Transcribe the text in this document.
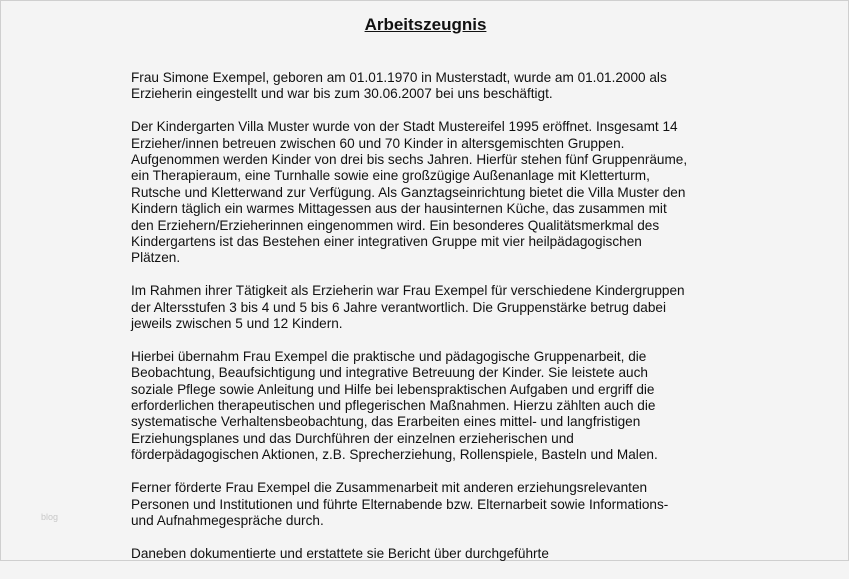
Arbeitszeugnis
Frau Simone Exempel, geboren am 01.01.1970 in Musterstadt, wurde am 01.01.2000 als
Erzieherin eingestellt und war bis zum 30.06.2007 bei uns beschäftigt.
Der Kindergarten Villa Muster wurde von der Stadt Mustereifel 1995 eröffnet. Insgesamt 14
Erzieher/innen betreuen zwischen 60 und 70 Kinder in altersgemischten Gruppen.
Aufgenommen werden Kinder von drei bis sechs Jahren. Hierfür stehen fünf Gruppenräume,
ein Therapieraum, eine Turnhalle sowie eine großzügige Außenanlage mit Kletterturm,
Rutsche und Kletterwand zur Verfügung. Als Ganztagseinrichtung bietet die Villa Muster den
Kindern täglich ein warmes Mittagessen aus der hausinternen Küche, das zusammen mit
den Erziehern/Erzieherinnen eingenommen wird. Ein besonderes Qualitätsmerkmal des
Kindergartens ist das Bestehen einer integrativen Gruppe mit vier heilpädagogischen
Plätzen.
Im Rahmen ihrer Tätigkeit als Erzieherin war Frau Exempel für verschiedene Kindergruppen
der Altersstufen 3 bis 4 und 5 bis 6 Jahre verantwortlich. Die Gruppenstärke betrug dabei
jeweils zwischen 5 und 12 Kindern.
Hierbei übernahm Frau Exempel die praktische und pädagogische Gruppenarbeit, die
Beobachtung, Beaufsichtigung und integrative Betreuung der Kinder. Sie leistete auch
soziale Pflege sowie Anleitung und Hilfe bei lebenspraktischen Aufgaben und ergriff die
erforderlichen therapeutischen und pflegerischen Maßnahmen. Hierzu zählten auch die
systematische Verhaltensbeobachtung, das Erarbeiten eines mittel- und langfristigen
Erziehungsplanes und das Durchführen der einzelnen erzieherischen und
förderpädagogischen Aktionen, z.B. Sprecherziehung, Rollenspiele, Basteln und Malen.
Ferner förderte Frau Exempel die Zusammenarbeit mit anderen erziehungsrelevanten
Personen und Institutionen und führte Elternabende bzw. Elternarbeit sowie Informations-
und Aufnahmegespräche durch.
Daneben dokumentierte und erstattete sie Bericht über durchgeführte
blog
